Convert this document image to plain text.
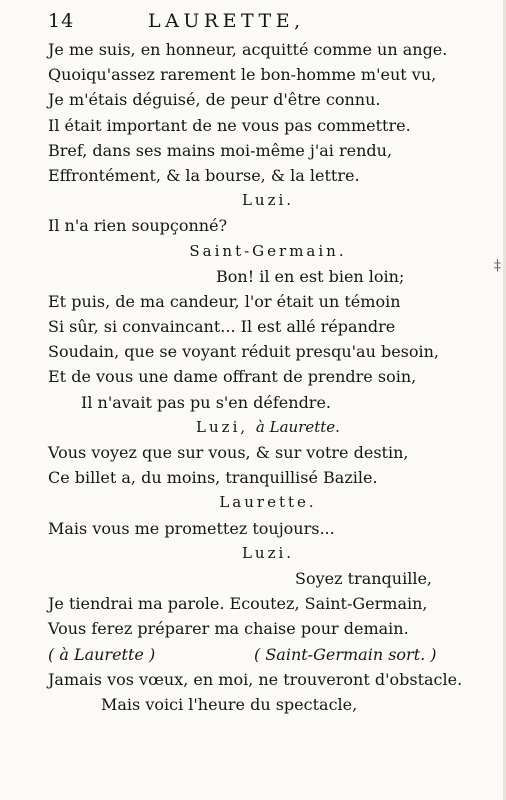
14	LAURETTE,
Je me suis, en honneur, acquitté comme un ange.
Quoiqu'assez rarement le bon-homme m'eut vu,
Je m'étais déguisé, de peur d'être connu.
Il était important de ne vous pas commettre.
Bref, dans ses mains moi-même j'ai rendu,
Effrontément, & la bourse, & la lettre.
Luzi.
Il n'a rien soupçonné?
Saint-Germain.
Bon! il en est bien loin;
Et puis, de ma candeur, l'or était un témoin
Si sûr, si convaincant... Il est allé répandre
Soudain, que se voyant réduit presqu'au besoin,
Et de vous une dame offrant de prendre soin,
Il n'avait pas pu s'en défendre.
Luzi, à Laurette.
Vous voyez que sur vous, & sur votre destin,
Ce billet a, du moins, tranquillisé Bazile.
Laurette.
Mais vous me promettez toujours...
Luzi.
Soyez tranquille,
Je tiendrai ma parole. Ecoutez, Saint-Germain,
Vous ferez préparer ma chaise pour demain.
( à Laurette )	( Saint-Germain sort. )
Jamais vos vœux, en moi, ne trouveront d'obstacle.
Mais voici l'heure du spectacle,
‡
